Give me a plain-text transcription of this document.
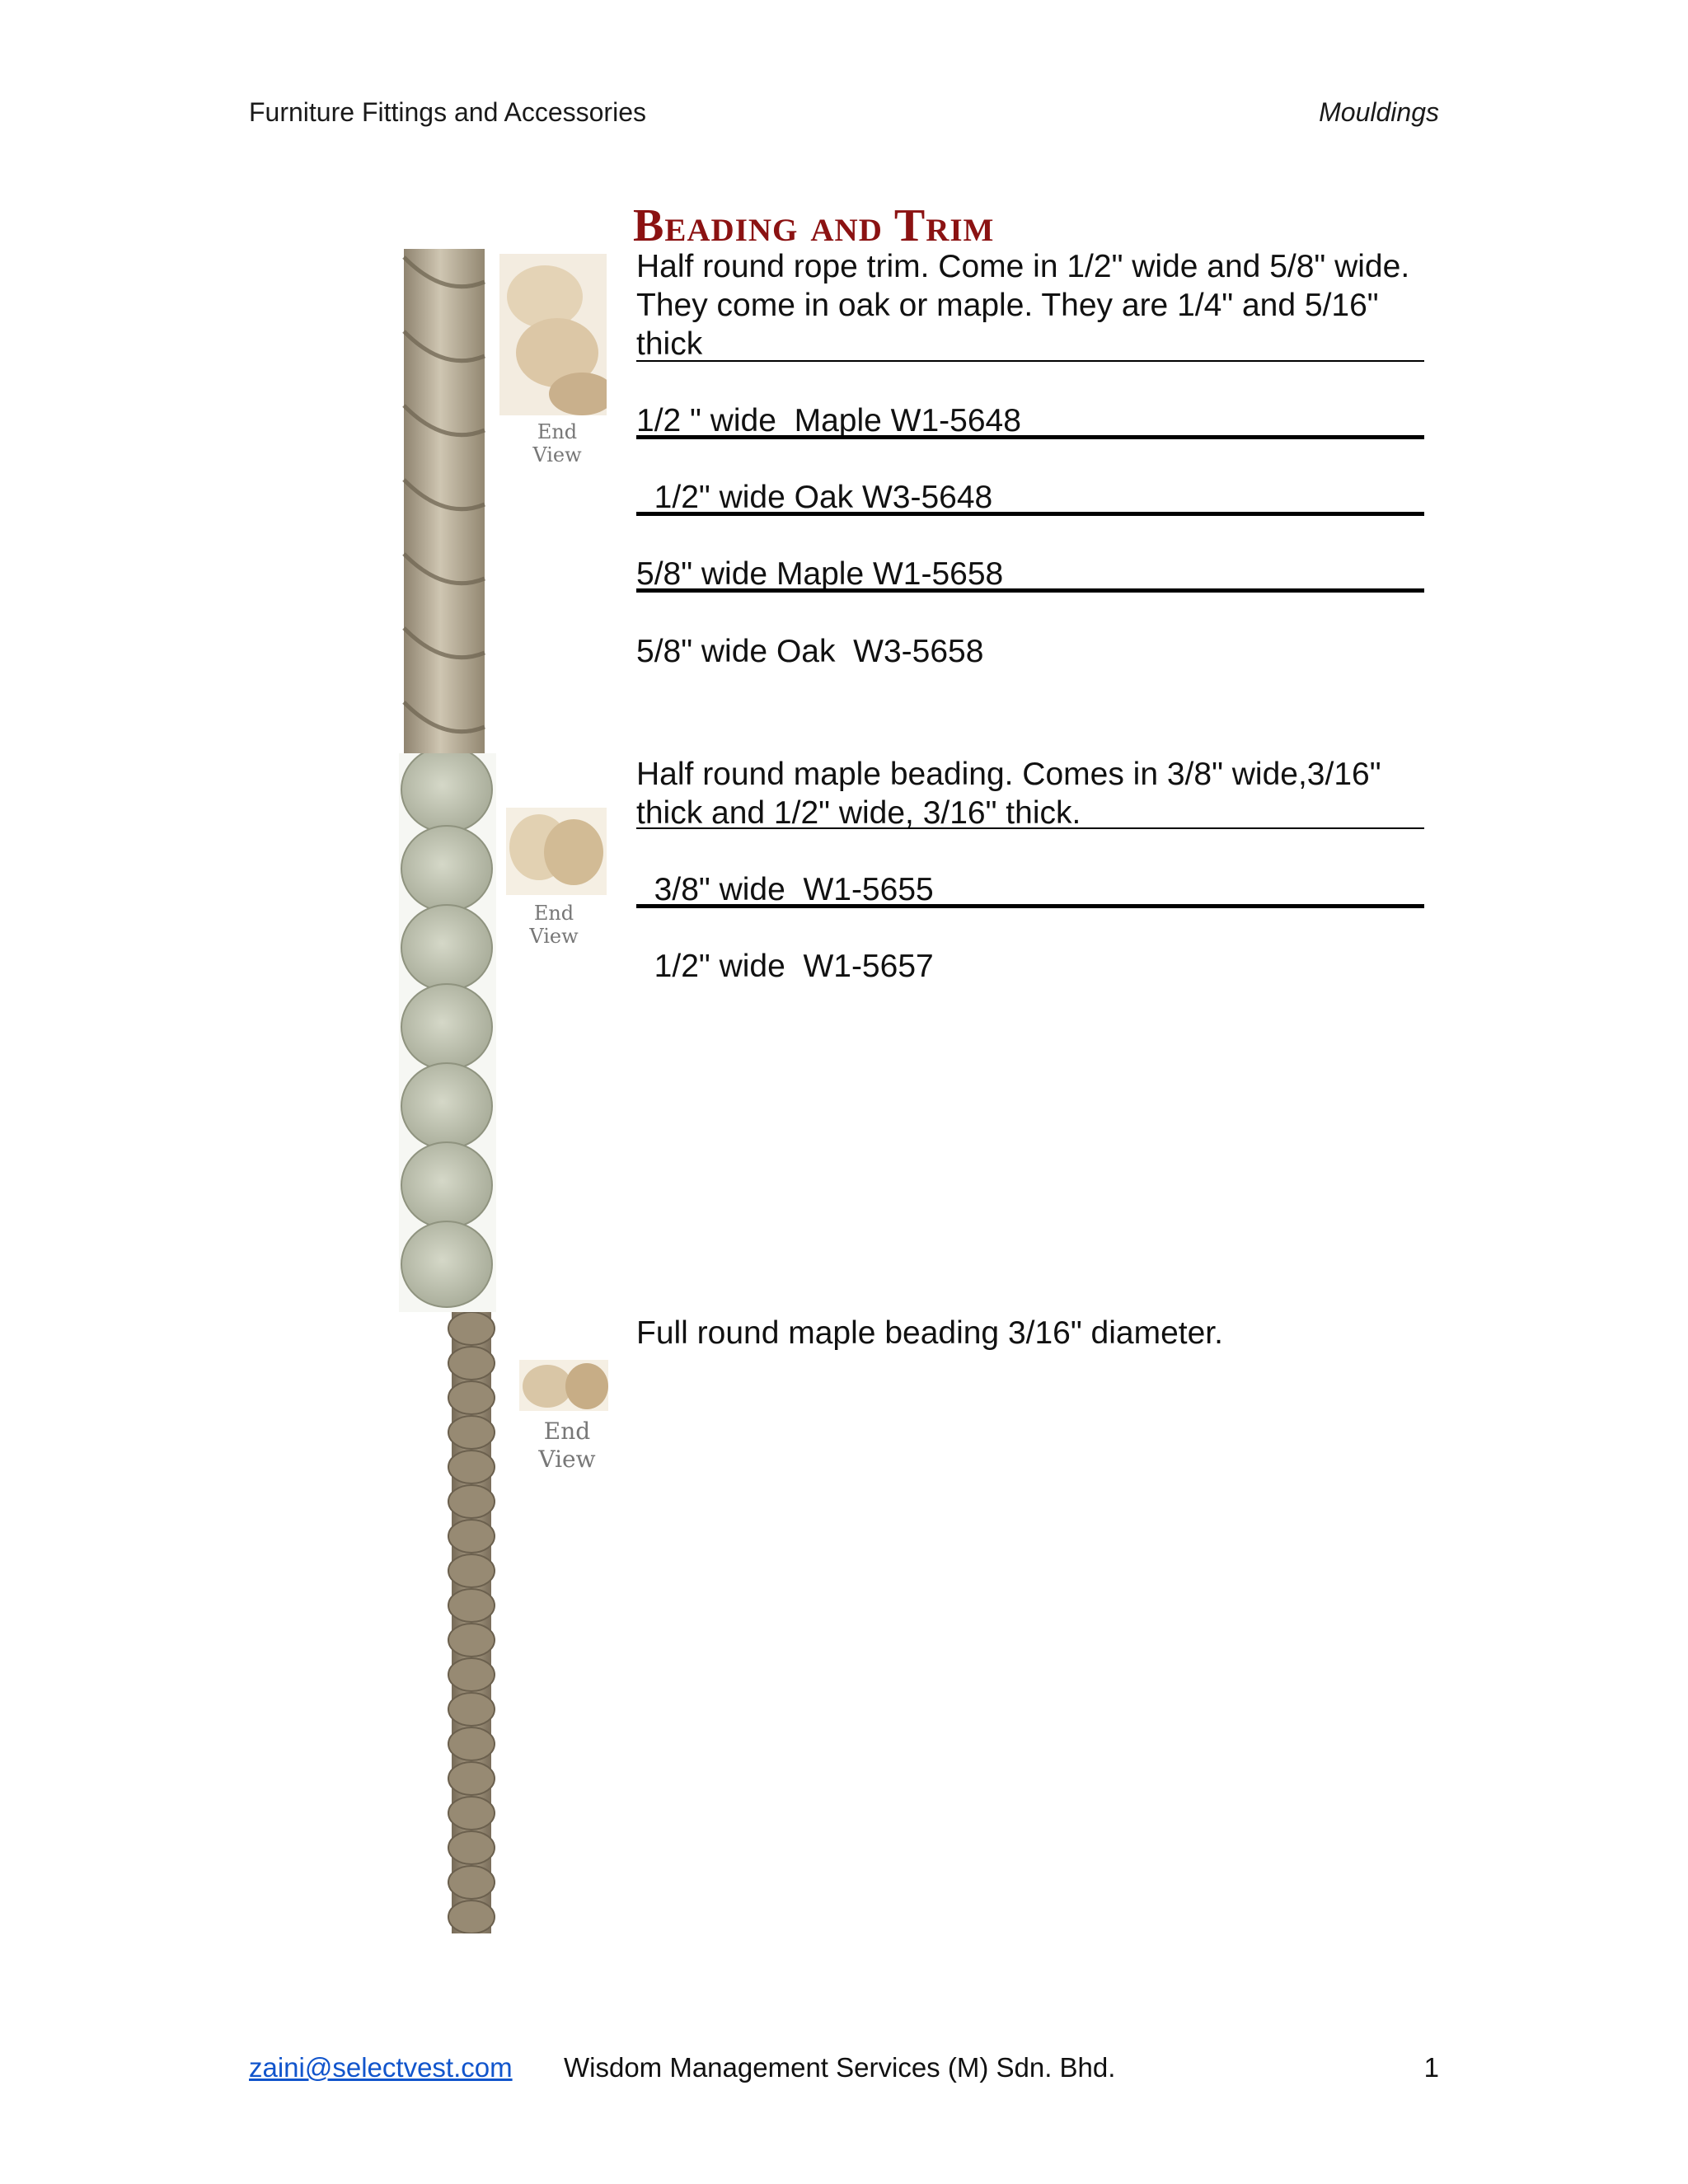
Furniture Fittings and Accessories	Mouldings
Beading and Trim
End
View
Half round rope trim. Come in 1/2" wide and 5/8" wide. They come in oak or maple. They are 1/4" and 5/16" thick
1/2 " wide  Maple W1-5648
1/2" wide Oak W3-5648
5/8" wide Maple W1-5658
5/8" wide Oak  W3-5658
End
View
Half round maple beading. Comes in 3/8" wide,3/16" thick and 1/2" wide, 3/16" thick.
3/8" wide  W1-5655
1/2" wide  W1-5657
End
View
Full round maple beading 3/16" diameter.
zaini@selectvest.com Wisdom Management Services (M) Sdn. Bhd.	1
